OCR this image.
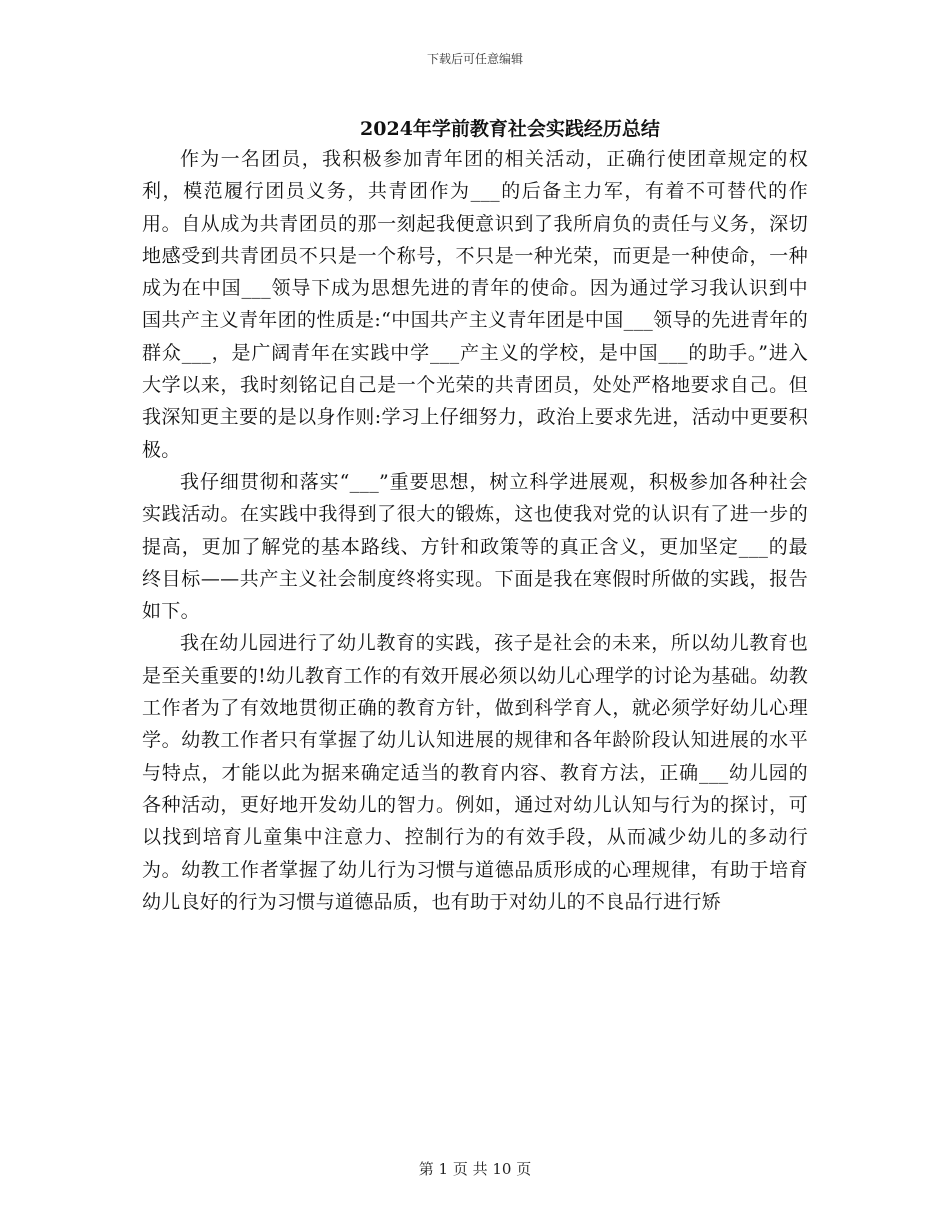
下载后可任意编辑
2024年学前教育社会实践经历总结

作为一名团员，我积极参加青年团的相关活动，正确行使团章规定的权利，模范履行团员义务，共青团作为___的后备主力军，有着不可替代的作用。自从成为共青团员的那一刻起我便意识到了我所肩负的责任与义务，深切地感受到共青团员不只是一个称号，不只是一种光荣，而更是一种使命，一种成为在中国___领导下成为思想先进的青年的使命。因为通过学习我认识到中国共产主义青年团的性质是:“中国共产主义青年团是中国___领导的先进青年的群众___，是广阔青年在实践中学___产主义的学校，是中国___的助手。”进入大学以来，我时刻铭记自己是一个光荣的共青团员，处处严格地要求自己。但我深知更主要的是以身作则:学习上仔细努力，政治上要求先进，活动中更要积极。

我仔细贯彻和落实“___”重要思想，树立科学进展观，积极参加各种社会实践活动。在实践中我得到了很大的锻炼，这也使我对党的认识有了进一步的提高，更加了解党的基本路线、方针和政策等的真正含义，更加坚定___的最终目标——共产主义社会制度终将实现。下面是我在寒假时所做的实践，报告如下。

我在幼儿园进行了幼儿教育的实践，孩子是社会的未来，所以幼儿教育也是至关重要的!幼儿教育工作的有效开展必须以幼儿心理学的讨论为基础。幼教工作者为了有效地贯彻正确的教育方针，做到科学育人，就必须学好幼儿心理学。幼教工作者只有掌握了幼儿认知进展的规律和各年龄阶段认知进展的水平与特点，才能以此为据来确定适当的教育内容、教育方法，正确___幼儿园的各种活动，更好地开发幼儿的智力。例如，通过对幼儿认知与行为的探讨，可以找到培育儿童集中注意力、控制行为的有效手段，从而减少幼儿的多动行为。幼教工作者掌握了幼儿行为习惯与道德品质形成的心理规律，有助于培育幼儿良好的行为习惯与道德品质，也有助于对幼儿的不良品行进行矫

第 1 页 共 10 页
